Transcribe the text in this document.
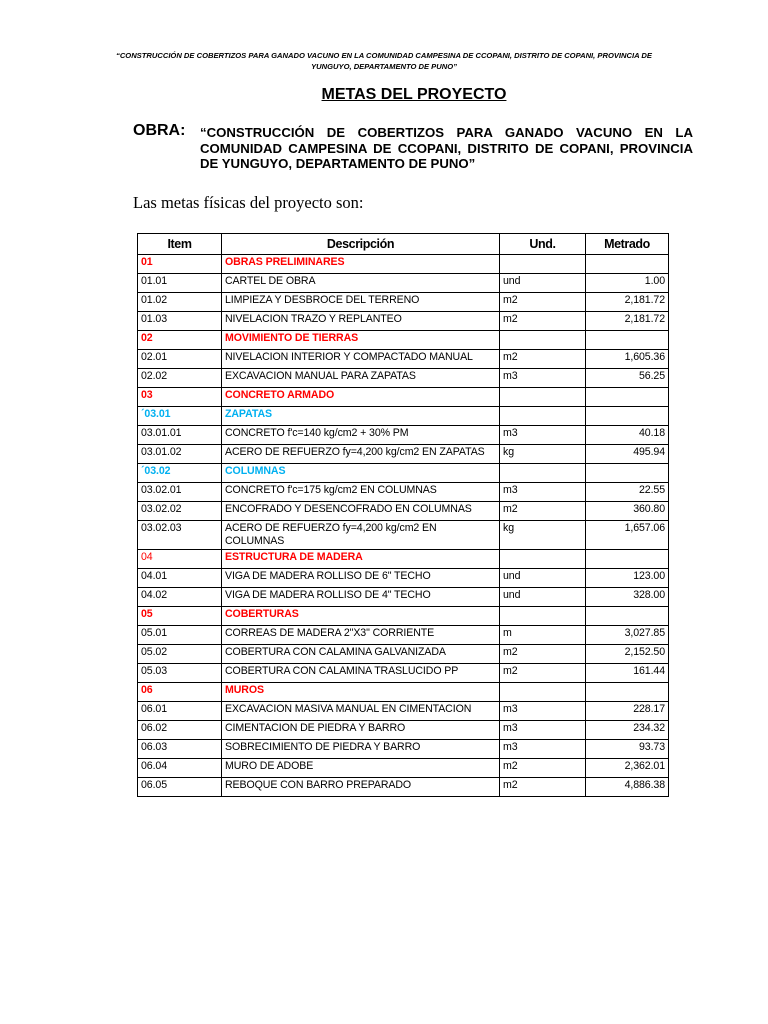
“CONSTRUCCIÓN DE COBERTIZOS PARA GANADO VACUNO EN LA COMUNIDAD CAMPESINA DE CCOPANI, DISTRITO DE COPANI, PROVINCIA DE YUNGUYO, DEPARTAMENTO DE PUNO”
METAS DEL PROYECTO
OBRA: “CONSTRUCCIÓN DE COBERTIZOS PARA GANADO VACUNO EN LA COMUNIDAD CAMPESINA DE CCOPANI, DISTRITO DE COPANI, PROVINCIA DE YUNGUYO, DEPARTAMENTO DE PUNO”
Las metas físicas del proyecto son:
Item	Descripción	Und.	Metrado
01	OBRAS PRELIMINARES		
01.01	CARTEL DE OBRA	und	1.00
01.02	LIMPIEZA Y DESBROCE DEL TERRENO	m2	2,181.72
01.03	NIVELACION TRAZO Y REPLANTEO	m2	2,181.72
02	MOVIMIENTO DE TIERRAS		
02.01	NIVELACION INTERIOR Y COMPACTADO MANUAL	m2	1,605.36
02.02	EXCAVACION MANUAL PARA ZAPATAS	m3	56.25
03	CONCRETO ARMADO		
´03.01	ZAPATAS		
03.01.01	CONCRETO f'c=140 kg/cm2 + 30% PM	m3	40.18
03.01.02	ACERO DE REFUERZO fy=4,200 kg/cm2 EN ZAPATAS	kg	495.94
´03.02	COLUMNAS		
03.02.01	CONCRETO f'c=175 kg/cm2 EN COLUMNAS	m3	22.55
03.02.02	ENCOFRADO Y DESENCOFRADO EN COLUMNAS	m2	360.80
03.02.03	ACERO DE REFUERZO fy=4,200 kg/cm2 EN COLUMNAS	kg	1,657.06
04	ESTRUCTURA DE MADERA		
04.01	VIGA DE MADERA ROLLISO DE 6" TECHO	und	123.00
04.02	VIGA DE MADERA ROLLISO DE 4" TECHO	und	328.00
05	COBERTURAS		
05.01	CORREAS DE MADERA 2"X3" CORRIENTE	m	3,027.85
05.02	COBERTURA CON CALAMINA GALVANIZADA	m2	2,152.50
05.03	COBERTURA CON CALAMINA TRASLUCIDO PP	m2	161.44
06	MUROS		
06.01	EXCAVACION MASIVA MANUAL EN CIMENTACION	m3	228.17
06.02	CIMENTACION DE PIEDRA Y BARRO	m3	234.32
06.03	SOBRECIMIENTO DE PIEDRA Y BARRO	m3	93.73
06.04	MURO DE ADOBE	m2	2,362.01
06.05	REBOQUE CON BARRO PREPARADO	m2	4,886.38
